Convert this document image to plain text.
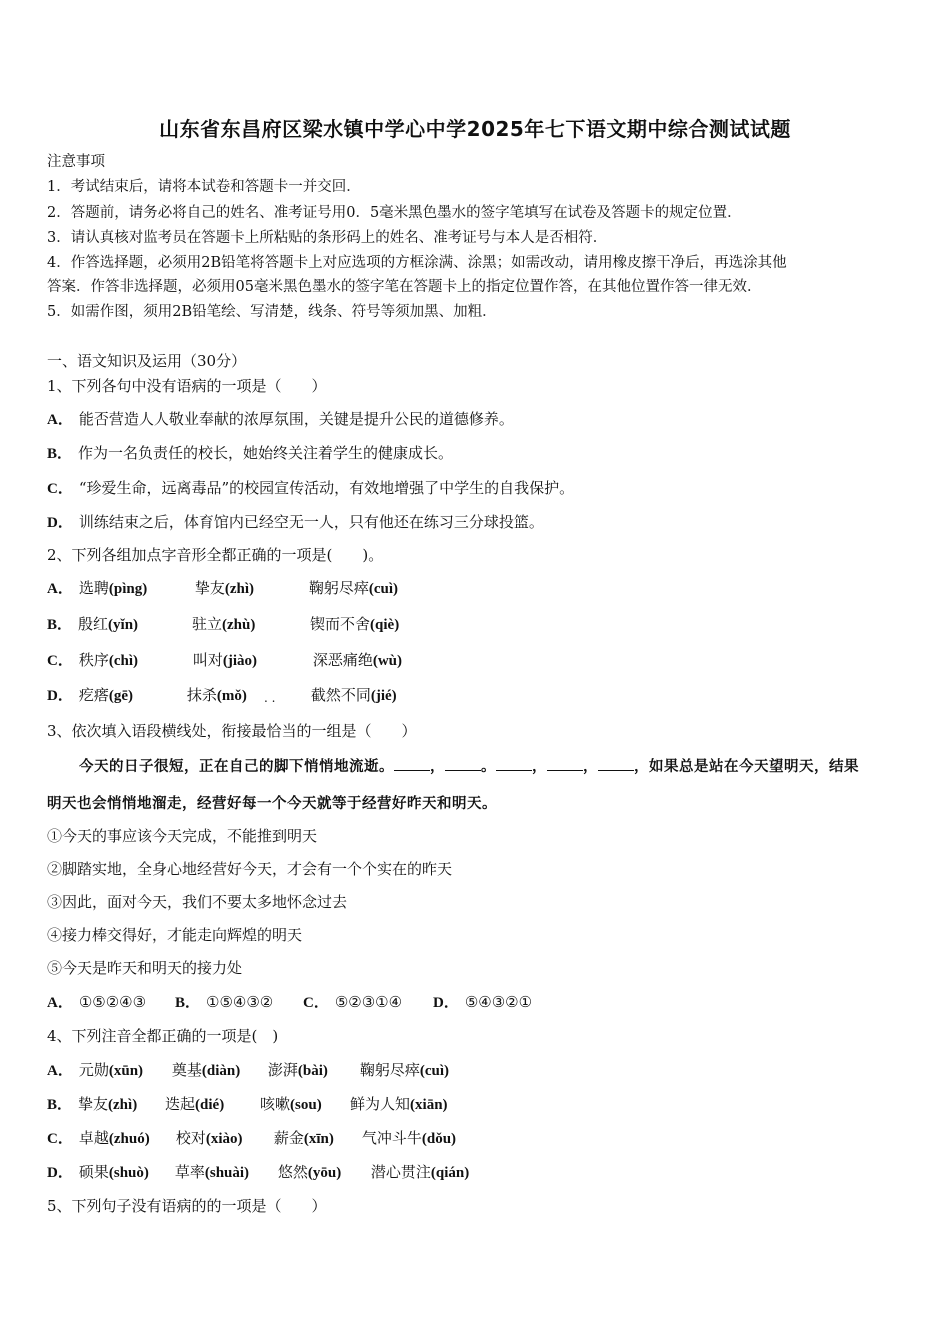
山东省东昌府区梁水镇中学心中学2025年七下语文期中综合测试试题
注意事项
1．考试结束后，请将本试卷和答题卡一并交回．
2．答题前，请务必将自己的姓名、准考证号用0．5毫米黑色墨水的签字笔填写在试卷及答题卡的规定位置．
3．请认真核对监考员在答题卡上所粘贴的条形码上的姓名、准考证号与本人是否相符．
4．作答选择题，必须用2B铅笔将答题卡上对应选项的方框涂满、涂黑；如需改动，请用橡皮擦干净后，再选涂其他
答案．作答非选择题，必须用05毫米黑色墨水的签字笔在答题卡上的指定位置作答，在其他位置作答一律无效．
5．如需作图，须用2B铅笔绘、写清楚，线条、符号等须加黑、加粗．
一、语文知识及运用（30分）
1、下列各句中没有语病的一项是（　　）
A． 能否营造人人敬业奉献的浓厚氛围，关键是提升公民的道德修养。
B． 作为一名负责任的校长，她始终关注着学生的健康成长。
C． “珍爱生命，远离毒品”的校园宣传活动，有效地增强了中学生的自我保护。
D． 训练结束之后，体育馆内已经空无一人，只有他还在练习三分球投篮。
2、下列各组加点字音形全都正确的一项是(　　)。
A． 选聘(pìng)	挚友(zhì)	鞠躬尽瘁(cuì)
B． 殷红(yǐn)	驻立(zhù)	锲而不舍(qiè)
C． 秩序(chì)	叫对(jiào)	深恶痛绝(wù)
D． 疙瘩(gē)	抹杀(mǒ)	截然不同(jié)
. .
3、依次填入语段横线处，衔接最恰当的一组是（　　）
今天的日子很短，正在自己的脚下悄悄地流逝。 ， 。 ， ， ，如果总是站在今天望明天，结果
明天也会悄悄地溜走，经营好每一个今天就等于经营好昨天和明天。
①今天的事应该今天完成，不能推到明天
②脚踏实地，全身心地经营好今天，才会有一个个实在的昨天
③因此，面对今天，我们不要太多地怀念过去
④接力棒交得好，才能走向辉煌的明天
⑤今天是昨天和明天的接力处
A． ①⑤②④③ B． ①⑤④③② C． ⑤②③①④ D． ⑤④③②①
4、下列注音全都正确的一项是(　)
A． 元勋(xūn) 奠基(diàn) 澎湃(bài) 鞠躬尽瘁(cuì)
B． 挚友(zhì) 迭起(dié) 咳嗽(sou) 鲜为人知(xiān)
C． 卓越(zhuó) 校对(xiào) 薪金(xīn) 气冲斗牛(dǒu)
D． 硕果(shuò) 草率(shuài) 悠然(yōu) 潜心贯注(qián)
5、下列句子没有语病的的一项是（　　）
